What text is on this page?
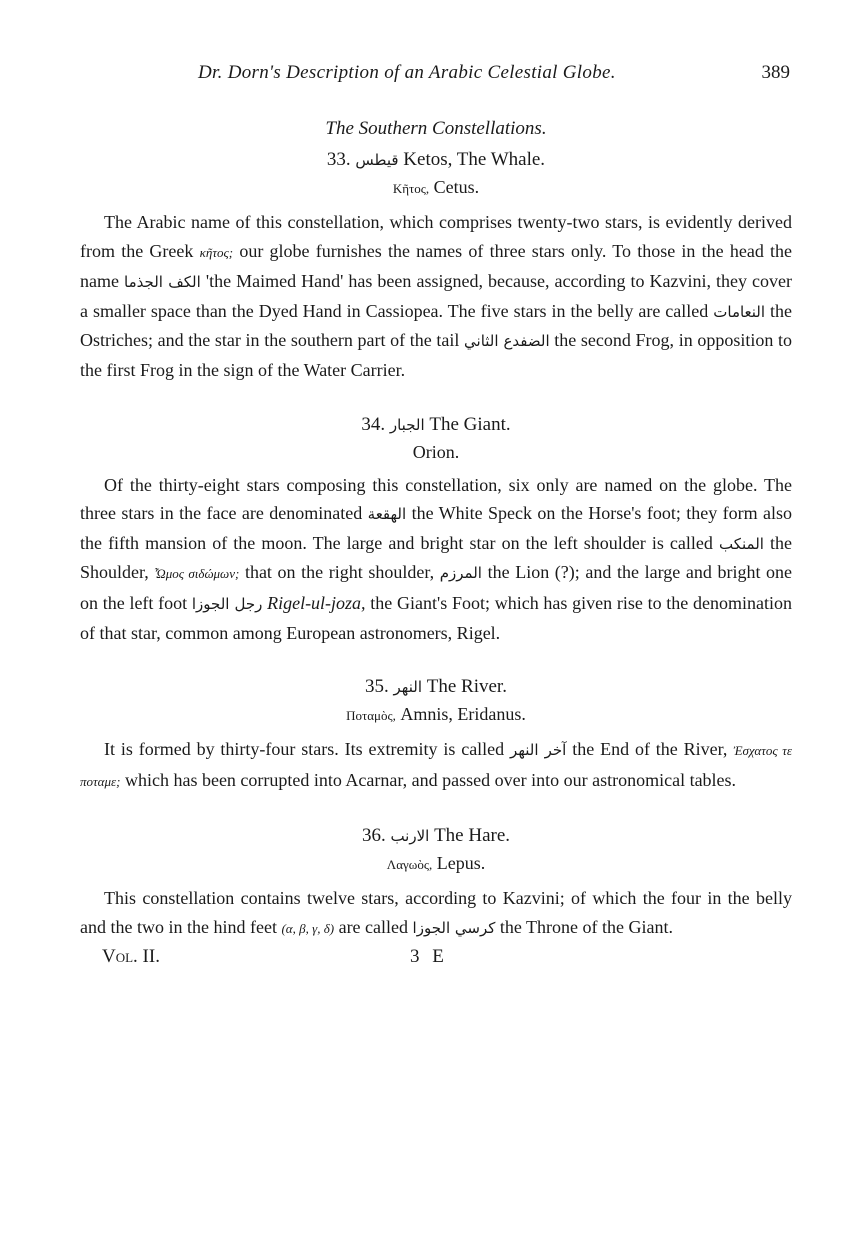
Dr. Dorn's Description of an Arabic Celestial Globe.	389
The Southern Constellations.
33. قيطس Ketos, The Whale.
Κῆτος, Cetus.

The Arabic name of this constellation, which comprises twenty-two stars, is evidently derived from the Greek κῆτος; our globe furnishes the names of three stars only. To those in the head the name الكف الجذما 'the Maimed Hand' has been assigned, because, according to Kazvini, they cover a smaller space than the Dyed Hand in Cassiopea. The five stars in the belly are called النعامات the Ostriches; and the star in the southern part of the tail الضفدع الثاني the second Frog, in opposition to the first Frog in the sign of the Water Carrier.

34. الجبار The Giant.
Orion.

Of the thirty-eight stars composing this constellation, six only are named on the globe. The three stars in the face are denominated الهقعة the White Speck on the Horse's foot; they form also the fifth mansion of the moon. The large and bright star on the left shoulder is called المنكب the Shoulder, Ὦμος σιδώμων; that on the right shoulder, المرزم the Lion (?); and the large and bright one on the left foot رجل الجوزا Rigel-ul-joza, the Giant's Foot; which has given rise to the denomination of that star, common among European astronomers, Rigel.

35. النهر The River.
Ποταμὸς, Amnis, Eridanus.

It is formed by thirty-four stars. Its extremity is called آخر النهر the End of the River, Ἐσχατος τε ποταμε; which has been corrupted into Acarnar, and passed over into our astronomical tables.

36. الارنب The Hare.
Λαγωὸς, Lepus.

This constellation contains twelve stars, according to Kazvini; of which the four in the belly and the two in the hind feet (α, β, γ, δ) are called كرسي الجوزا the Throne of the Giant.

Vol. II.	3 E
